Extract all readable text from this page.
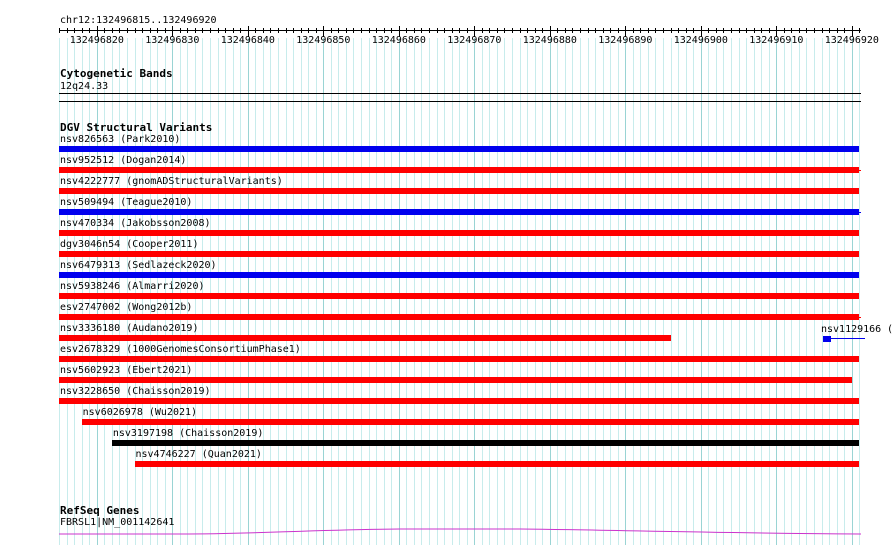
chr12:132496815..132496920
132496820 132496830 132496840 132496850 132496860 132496870 132496880 132496890 132496900 132496910 132496920
Cytogenetic Bands
12q24.33
DGV Structural Variants
nsv826563 (Park2010)
nsv952512 (Dogan2014)
nsv4222777 (gnomADStructuralVariants)
nsv509494 (Teague2010)
nsv470334 (Jakobsson2008)
dgv3046n54 (Cooper2011)
nsv6479313 (Sedlazeck2020)
nsv5938246 (Almarri2020)
esv2747002 (Wong2012b)
nsv3336180 (Audano2019)
esv2678329 (1000GenomesConsortiumPhase1)
nsv5602923 (Ebert2021)
nsv3228650 (Chaisson2019)
nsv6026978 (Wu2021)
nsv3197198 (Chaisson2019)
nsv4746227 (Quan2021)
nsv1129166 (
RefSeq Genes
FBRSL1|NM_001142641
